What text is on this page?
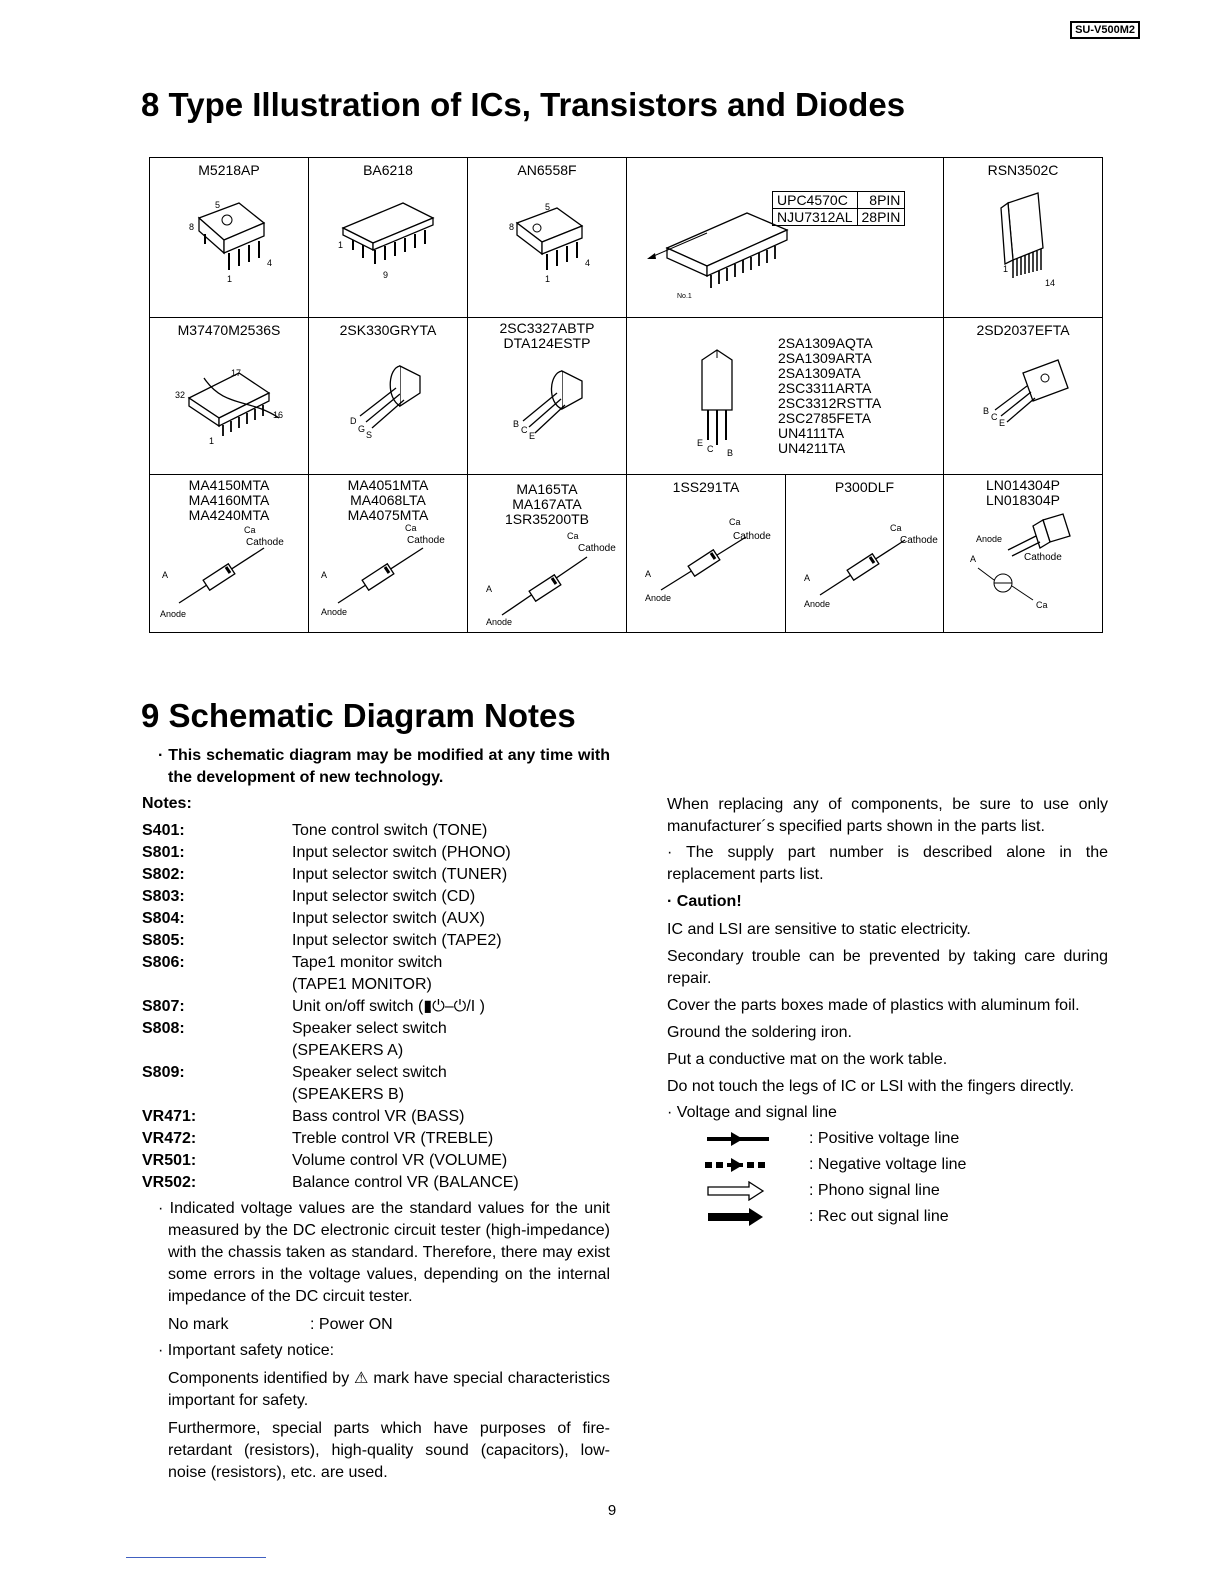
SU-V500M2
8 Type Illustration of ICs, Transistors and Diodes
M5218AP
5
8
4
1

BA6218
1
9

AN6558F
5
8
4
1

UPC4570C	8PIN
NJU7312AL	28PIN
No.1

RSN3502C
1
14

M37470M2536S
17
32
16
1

2SK330GRYTA
D
G
S

2SC3327ABTP
DTA124ESTP
B
C
E

E
C B
2SA1309AQTA
2SA1309ARTA
2SA1309ATA
2SC3311ARTA
2SC3312RSTTA
2SC2785FETA
UN4111TA
UN4211TA

2SD2037EFTA
B
C
E

MA4150MTA
MA4160MTA
MA4240MTA
A
Ca
Cathode
Anode

MA4051MTA
MA4068LTA
MA4075MTA
A
Ca
Cathode
Anode

MA165TA
MA167ATA
1SR35200TB
A
Ca
Cathode
Anode

1SS291TA
A
Ca
Cathode
Anode

P300DLF
A
Ca
Cathode
Anode

LN014304P
LN018304P
Anode
A	Cathode
Ca
9 Schematic Diagram Notes

· This schematic diagram may be modified at any time with the development of new technology.

Notes:

S401:	Tone control switch (TONE)
S801:	Input selector switch (PHONO)
S802:	Input selector switch (TUNER)
S803:	Input selector switch (CD)
S804:	Input selector switch (AUX)
S805:	Input selector switch (TAPE2)
S806:	Tape1 monitor switch
(TAPE1 MONITOR)
S807:	Unit on/off switch (▮⏻–⏻/I )
S808:	Speaker select switch
(SPEAKERS A)
S809:	Speaker select switch
(SPEAKERS B)
VR471:	Bass control VR (BASS)
VR472:	Treble control VR (TREBLE)
VR501:	Volume control VR (VOLUME)
VR502:	Balance control VR (BALANCE)

· Indicated voltage values are the standard values for the unit measured by the DC electronic circuit tester (high-impedance) with the chassis taken as standard. Therefore, there may exist some errors in the voltage values, depending on the internal impedance of the DC circuit tester.

No mark	: Power ON

· Important safety notice:

Components identified by ⚠ mark have special characteristics important for safety.

Furthermore, special parts which have purposes of fire-retardant (resistors), high-quality sound (capacitors), low-noise (resistors), etc. are used.

When replacing any of components, be sure to use only manufacturer´s specified parts shown in the parts list.

· The supply part number is described alone in the replacement parts list.

· Caution!

IC and LSI are sensitive to static electricity.

Secondary trouble can be prevented by taking care during repair.

Cover the parts boxes made of plastics with aluminum foil.

Ground the soldering iron.

Put a conductive mat on the work table.

Do not touch the legs of IC or LSI with the fingers directly.

· Voltage and signal line

: Positive voltage line
: Negative voltage line
: Phono signal line
: Rec out signal line
9
